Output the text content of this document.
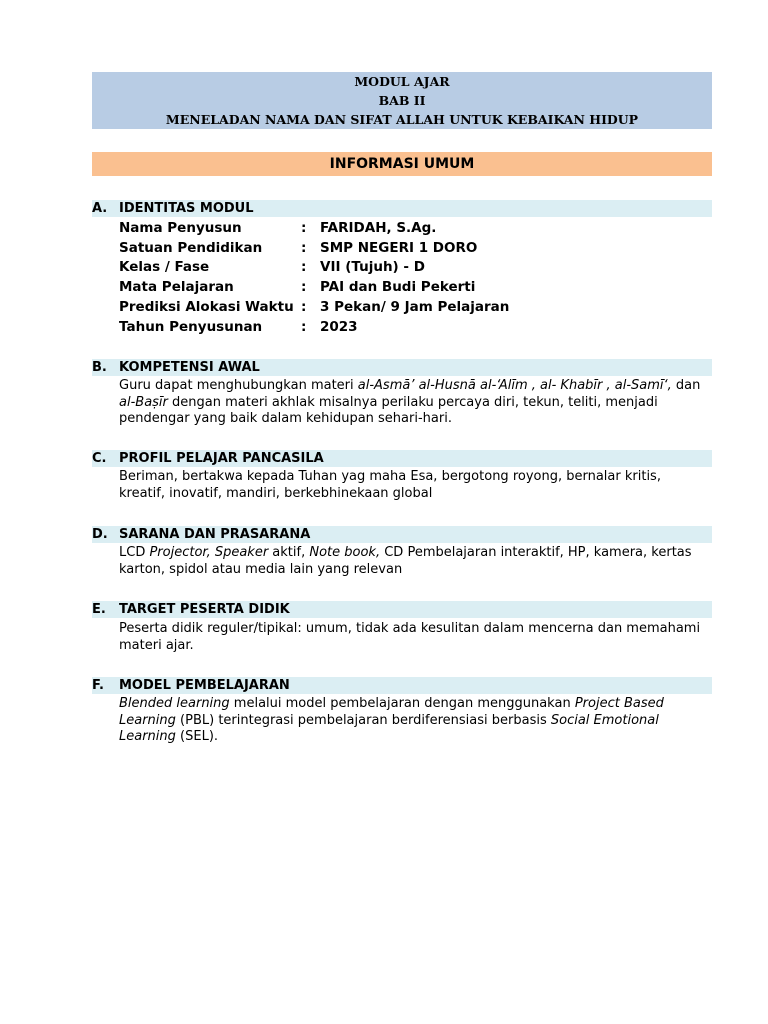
MODUL AJAR
BAB II
MENELADAN NAMA DAN SIFAT ALLAH UNTUK KEBAIKAN HIDUP
INFORMASI UMUM
A. IDENTITAS MODUL
Nama Penyusun	: FARIDAH, S.Ag.
Satuan Pendidikan	: SMP NEGERI 1 DORO
Kelas / Fase	: VII (Tujuh) - D
Mata Pelajaran	: PAI dan Budi Pekerti
Prediksi Alokasi Waktu : 3 Pekan/ 9 Jam Pelajaran
Tahun Penyusunan	: 2023
B. KOMPETENSI AWAL
Guru dapat menghubungkan materi al-Asmā’ al-Husnā al-‘Alīm , al- Khabīr , al-Samī‘, dan al-Baṣīr dengan materi akhlak misalnya perilaku percaya diri, tekun, teliti, menjadi pendengar yang baik dalam kehidupan sehari-hari.
C. PROFIL PELAJAR PANCASILA
Beriman, bertakwa kepada Tuhan yag maha Esa, bergotong royong, bernalar kritis, kreatif, inovatif, mandiri, berkebhinekaan global
D. SARANA DAN PRASARANA
LCD Projector, Speaker aktif, Note book, CD Pembelajaran interaktif, HP, kamera, kertas karton, spidol atau media lain yang relevan
E. TARGET PESERTA DIDIK
Peserta didik reguler/tipikal: umum, tidak ada kesulitan dalam mencerna dan memahami materi ajar.
F. MODEL PEMBELAJARAN
Blended learning melalui model pembelajaran dengan menggunakan Project Based Learning (PBL) terintegrasi pembelajaran berdiferensiasi berbasis Social Emotional Learning (SEL).
